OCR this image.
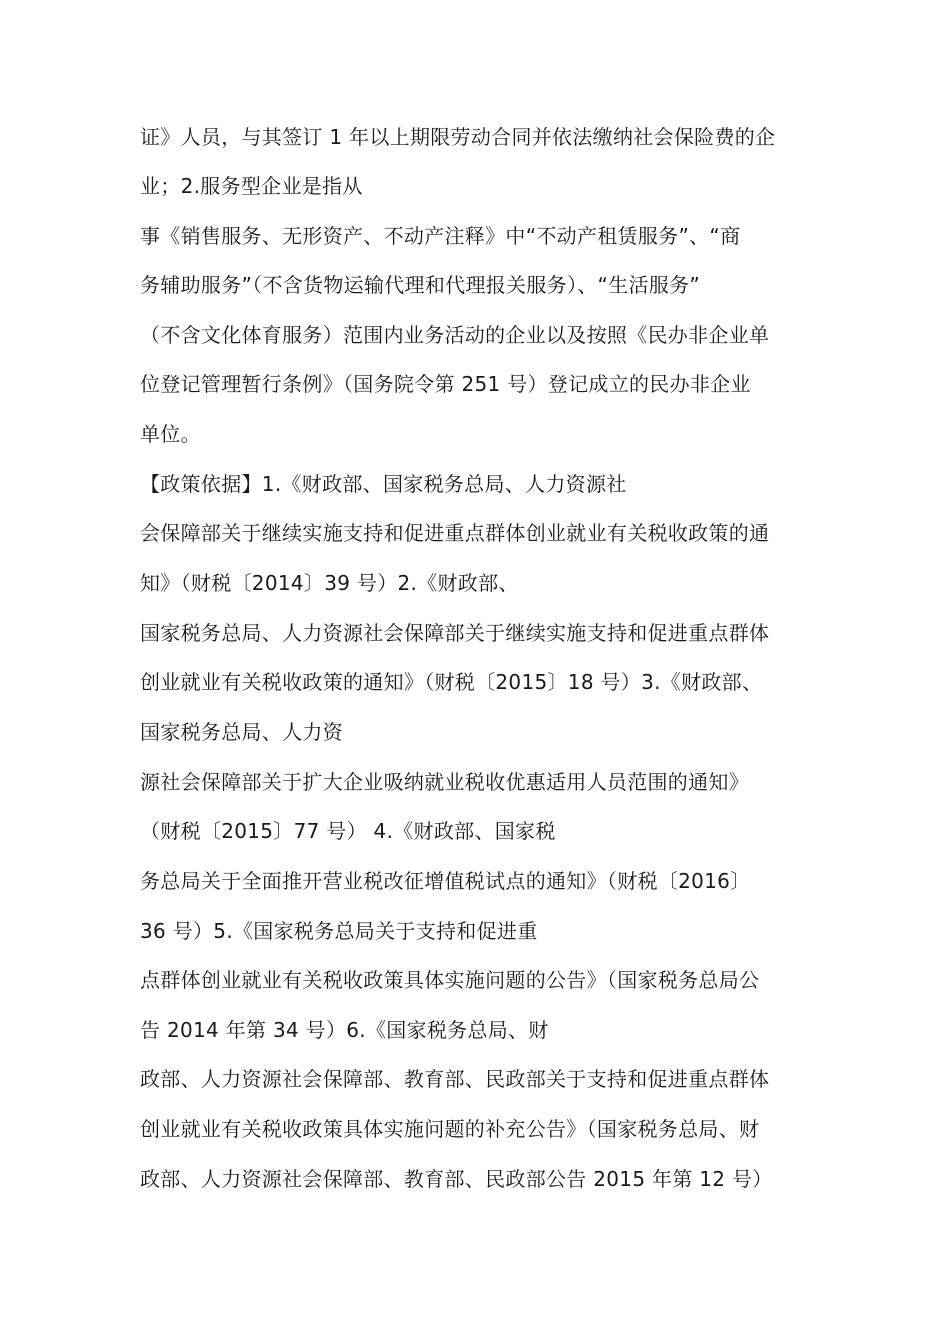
证》人员，与其签订 1 年以上期限劳动合同并依法缴纳社会保险费的企
业；2.服务型企业是指从
事《销售服务、无形资产、不动产注释》中“不动产租赁服务”、“商
务辅助服务”（不含货物运输代理和代理报关服务）、“生活服务”
（不含文化体育服务）范围内业务活动的企业以及按照《民办非企业单
位登记管理暂行条例》（国务院令第 251 号）登记成立的民办非企业
单位。
【政策依据】1.《财政部、国家税务总局、人力资源社
会保障部关于继续实施支持和促进重点群体创业就业有关税收政策的通
知》（财税〔2014〕39 号）2.《财政部、
国家税务总局、人力资源社会保障部关于继续实施支持和促进重点群体
创业就业有关税收政策的通知》（财税〔2015〕18 号）3.《财政部、
国家税务总局、人力资
源社会保障部关于扩大企业吸纳就业税收优惠适用人员范围的通知》
（财税〔2015〕77 号） 4.《财政部、国家税
务总局关于全面推开营业税改征增值税试点的通知》（财税〔2016〕
36 号）5.《国家税务总局关于支持和促进重
点群体创业就业有关税收政策具体实施问题的公告》（国家税务总局公
告 2014 年第 34 号）6.《国家税务总局、财
政部、人力资源社会保障部、教育部、民政部关于支持和促进重点群体
创业就业有关税收政策具体实施问题的补充公告》（国家税务总局、财
政部、人力资源社会保障部、教育部、民政部公告 2015 年第 12 号）
